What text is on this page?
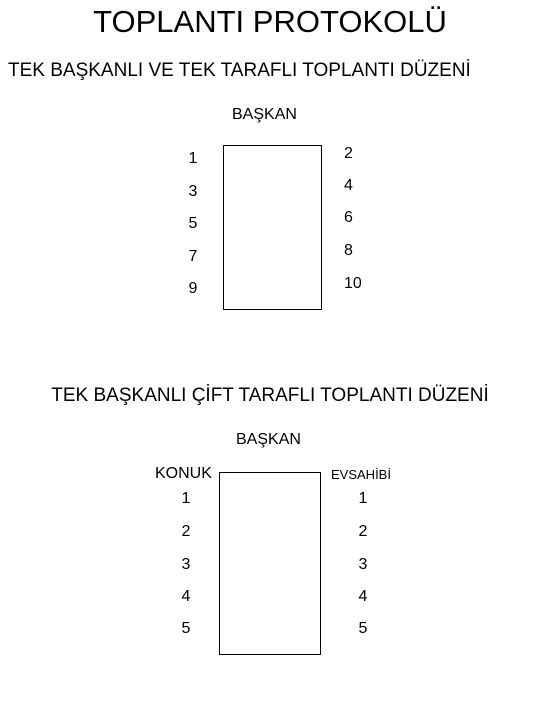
TOPLANTI PROTOKOLÜ
TEK BAŞKANLI VE TEK TARAFLI TOPLANTI DÜZENİ
BAŞKAN
1
3
5
7
9
2
4
6
8
10
TEK BAŞKANLI ÇİFT TARAFLI TOPLANTI DÜZENİ
BAŞKAN
KONUK	EVSAHİBİ
1
2
3
4
5
1
2
3
4
5
